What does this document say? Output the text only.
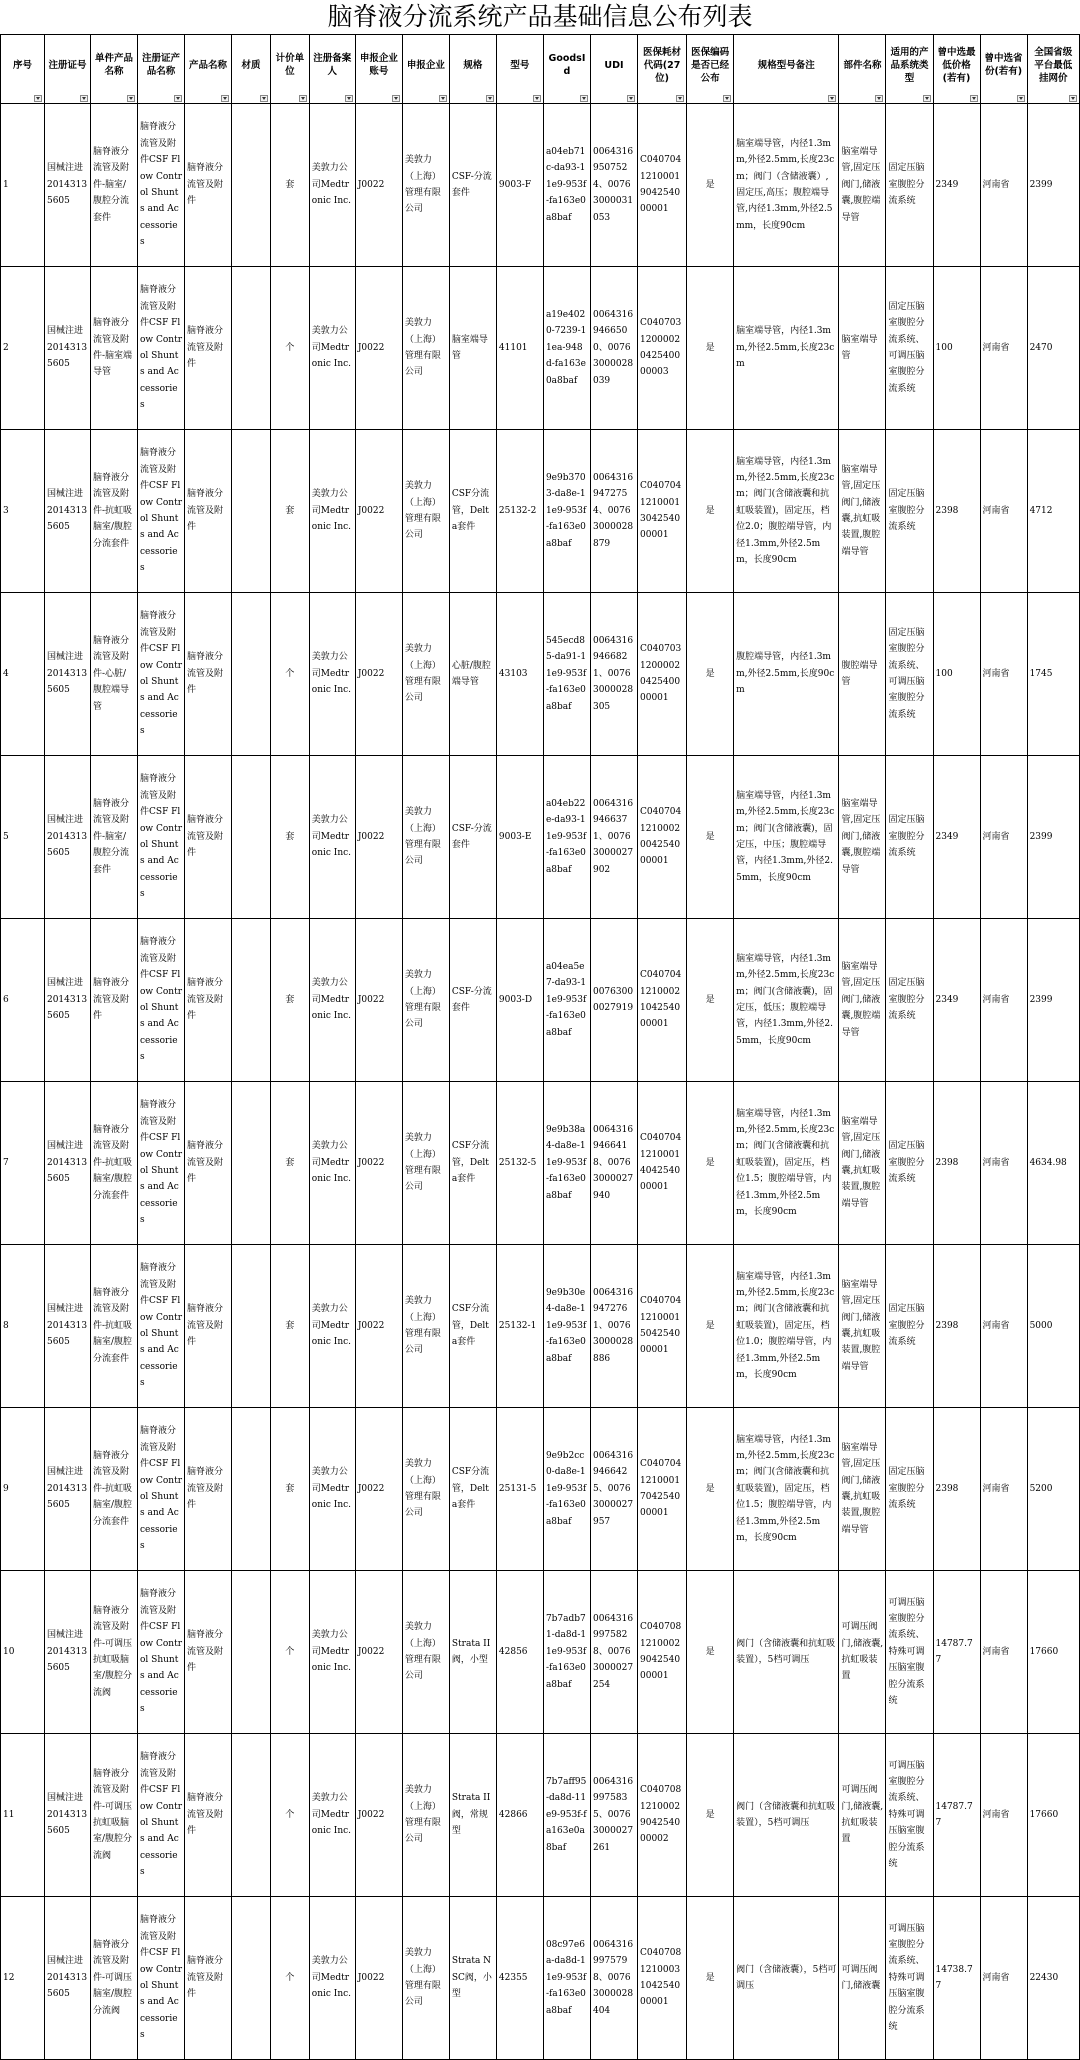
脑脊液分流系统产品基础信息公布列表
序号	注册证号	单件产品名称	注册证产品名称	产品名称	材质	计价单位	注册备案人	申报企业账号	申报企业	规格	型号	GoodsId	UDI	医保耗材代码(27位)	医保编码是否已经公布	规格型号备注	部件名称	适用的产品系统类型	曾中选最低价格(若有)	曾中选省份(若有)	全国省级平台最低挂网价

1	国械注进20143135605	脑脊液分流管及附件-脑室/腹腔分流套件	脑脊液分流管及附件CSF Flow Control Shunts and Accessories	脑脊液分流管及附件		套	美敦力公司Medtronic Inc.	J0022	美敦力（上海）管理有限公司	CSF-分流套件	9003-F	a04eb71c-da93-11e9-953f-fa163e0a8baf	00643169507524、00763000031053	C0407041210001904254000001	是	脑室端导管，内径1.3mm,外径2.5mm,长度23cm；阀门（含储液囊）,固定压,高压；腹腔端导管,内径1.3mm,外径2.5mm，长度90cm	脑室端导管,固定压阀门,储液囊,腹腔端导管	固定压脑室腹腔分流系统	2349	河南省	2399
2	国械注进20143135605	脑脊液分流管及附件-脑室端导管	脑脊液分流管及附件CSF Flow Control Shunts and Accessories	脑脊液分流管及附件		个	美敦力公司Medtronic Inc.	J0022	美敦力（上海）管理有限公司	脑室端导管	41101	a19e4020-7239-11ea-948d-fa163e0a8baf	00643169466500、00763000028039	C0407031200002042540000003	是	脑室端导管，内径1.3mm,外径2.5mm,长度23cm	脑室端导管	固定压脑室腹腔分流系统、可调压脑室腹腔分流系统	100	河南省	2470
3	国械注进20143135605	脑脊液分流管及附件-抗虹吸脑室/腹腔分流套件	脑脊液分流管及附件CSF Flow Control Shunts and Accessories	脑脊液分流管及附件		套	美敦力公司Medtronic Inc.	J0022	美敦力（上海）管理有限公司	CSF分流管，Delta套件	25132-2	9e9b3703-da8e-11e9-953f-fa163e0a8baf	00643169472754、00763000028879	C0407041210001304254000001	是	脑室端导管，内径1.3mm,外径2.5mm,长度23cm；阀门(含储液囊和抗虹吸装置)，固定压，档位2.0；腹腔端导管，内径1.3mm,外径2.5mm，长度90cm	脑室端导管,固定压阀门,储液囊,抗虹吸装置,腹腔端导管	固定压脑室腹腔分流系统	2398	河南省	4712
4	国械注进20143135605	脑脊液分流管及附件-心脏/腹腔端导管	脑脊液分流管及附件CSF Flow Control Shunts and Accessories	脑脊液分流管及附件		个	美敦力公司Medtronic Inc.	J0022	美敦力（上海）管理有限公司	心脏/腹腔端导管	43103	545ecd85-da91-11e9-953f-fa163e0a8baf	00643169466821、00763000028305	C0407031200002042540000001	是	腹腔端导管，内径1.3mm,外径2.5mm,长度90cm	腹腔端导管	固定压脑室腹腔分流系统、可调压脑室腹腔分流系统	100	河南省	1745
5	国械注进20143135605	脑脊液分流管及附件-脑室/腹腔分流套件	脑脊液分流管及附件CSF Flow Control Shunts and Accessories	脑脊液分流管及附件		套	美敦力公司Medtronic Inc.	J0022	美敦力（上海）管理有限公司	CSF-分流套件	9003-E	a04eb22e-da93-11e9-953f-fa163e0a8baf	00643169466371、00763000027902	C0407041210002004254000001	是	脑室端导管，内径1.3mm,外径2.5mm,长度23cm；阀门(含储液囊)，固定压，中压；腹腔端导管，内径1.3mm,外径2.5mm，长度90cm	脑室端导管,固定压阀门,储液囊,腹腔端导管	固定压脑室腹腔分流系统	2349	河南省	2399
6	国械注进20143135605	脑脊液分流管及附件	脑脊液分流管及附件CSF Flow Control Shunts and Accessories	脑脊液分流管及附件		套	美敦力公司Medtronic Inc.	J0022	美敦力（上海）管理有限公司	CSF-分流套件	9003-D	a04ea5e7-da93-11e9-953f-fa163e0a8baf	00763000027919	C0407041210002104254000001	是	脑室端导管，内径1.3mm,外径2.5mm,长度23cm；阀门(含储液囊)，固定压，低压；腹腔端导管，内径1.3mm,外径2.5mm，长度90cm	脑室端导管,固定压阀门,储液囊,腹腔端导管	固定压脑室腹腔分流系统	2349	河南省	2399
7	国械注进20143135605	脑脊液分流管及附件-抗虹吸脑室/腹腔分流套件	脑脊液分流管及附件CSF Flow Control Shunts and Accessories	脑脊液分流管及附件		套	美敦力公司Medtronic Inc.	J0022	美敦力（上海）管理有限公司	CSF分流管，Delta套件	25132-5	9e9b38a4-da8e-11e9-953f-fa163e0a8baf	00643169466418、00763000027940	C0407041210001404254000001	是	脑室端导管，内径1.3mm,外径2.5mm,长度23cm；阀门(含储液囊和抗虹吸装置)，固定压，档位1.5；腹腔端导管，内径1.3mm,外径2.5mm，长度90cm	脑室端导管,固定压阀门,储液囊,抗虹吸装置,腹腔端导管	固定压脑室腹腔分流系统	2398	河南省	4634.98
8	国械注进20143135605	脑脊液分流管及附件-抗虹吸脑室/腹腔分流套件	脑脊液分流管及附件CSF Flow Control Shunts and Accessories	脑脊液分流管及附件		套	美敦力公司Medtronic Inc.	J0022	美敦力（上海）管理有限公司	CSF分流管，Delta套件	25132-1	9e9b30e4-da8e-11e9-953f-fa163e0a8baf	00643169472761、00763000028886	C0407041210001504254000001	是	脑室端导管，内径1.3mm,外径2.5mm,长度23cm；阀门(含储液囊和抗虹吸装置)，固定压，档位1.0；腹腔端导管，内径1.3mm,外径2.5mm，长度90cm	脑室端导管,固定压阀门,储液囊,抗虹吸装置,腹腔端导管	固定压脑室腹腔分流系统	2398	河南省	5000
9	国械注进20143135605	脑脊液分流管及附件-抗虹吸脑室/腹腔分流套件	脑脊液分流管及附件CSF Flow Control Shunts and Accessories	脑脊液分流管及附件		套	美敦力公司Medtronic Inc.	J0022	美敦力（上海）管理有限公司	CSF分流管，Delta套件	25131-5	9e9b2cc0-da8e-11e9-953f-fa163e0a8baf	00643169466425、00763000027957	C0407041210001704254000001	是	脑室端导管，内径1.3mm,外径2.5mm,长度23cm；阀门(含储液囊和抗虹吸装置)，固定压，档位1.5；腹腔端导管，内径1.3mm,外径2.5mm，长度90cm	脑室端导管,固定压阀门,储液囊,抗虹吸装置,腹腔端导管	固定压脑室腹腔分流系统	2398	河南省	5200
10	国械注进20143135605	脑脊液分流管及附件-可调压抗虹吸脑室/腹腔分流阀	脑脊液分流管及附件CSF Flow Control Shunts and Accessories	脑脊液分流管及附件		个	美敦力公司Medtronic Inc.	J0022	美敦力（上海）管理有限公司	Strata II阀，小型	42856	7b7adb71-da8d-11e9-953f-fa163e0a8baf	00643169975828、00763000027254	C0407081210002904254000001	是	阀门（含储液囊和抗虹吸装置），5档可调压	可调压阀门,储液囊,抗虹吸装置	可调压脑室腹腔分流系统、特殊可调压脑室腹腔分流系统	14787.77	河南省	17660
11	国械注进20143135605	脑脊液分流管及附件-可调压抗虹吸脑室/腹腔分流阀	脑脊液分流管及附件CSF Flow Control Shunts and Accessories	脑脊液分流管及附件		个	美敦力公司Medtronic Inc.	J0022	美敦力（上海）管理有限公司	Strata II阀，常规型	42866	7b7aff95-da8d-11e9-953f-fa163e0a8baf	00643169975835、00763000027261	C0407081210002904254000002	是	阀门（含储液囊和抗虹吸装置），5档可调压	可调压阀门,储液囊,抗虹吸装置	可调压脑室腹腔分流系统、特殊可调压脑室腹腔分流系统	14787.77	河南省	17660
12	国械注进20143135605	脑脊液分流管及附件-可调压脑室/腹腔分流阀	脑脊液分流管及附件CSF Flow Control Shunts and Accessories	脑脊液分流管及附件		个	美敦力公司Medtronic Inc.	J0022	美敦力（上海）管理有限公司	Strata NSC阀，小型	42355	08c97e6a-da8d-11e9-953f-fa163e0a8baf	00643169975798、00763000028404	C0407081210003104254000001	是	阀门（含储液囊），5档可调压	可调压阀门,储液囊	可调压脑室腹腔分流系统、特殊可调压脑室腹腔分流系统	14738.77	河南省	22430
